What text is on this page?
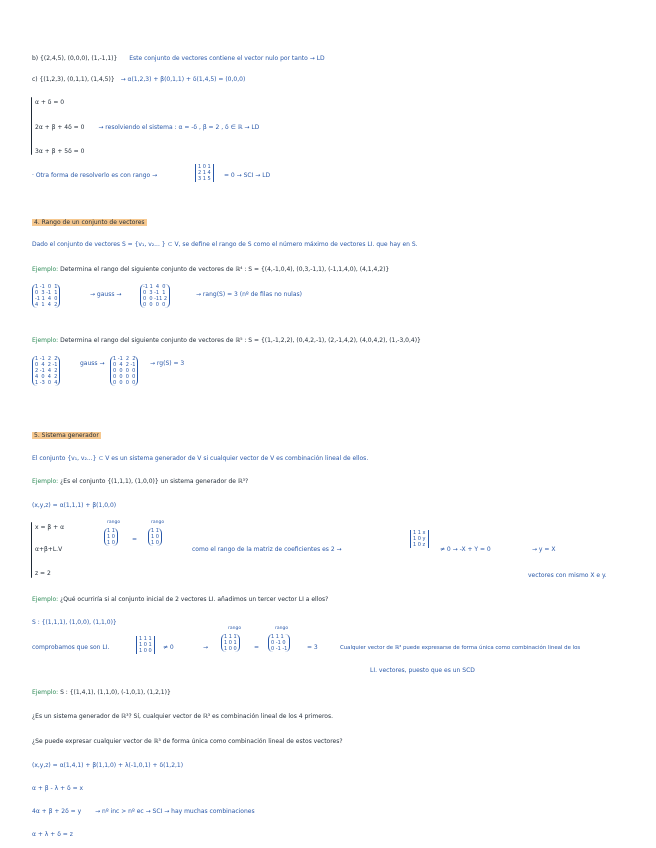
b) {(2,4,5), (0,0,0), (1,-1,1)} Este conjunto de vectores contiene el vector nulo por tanto → LD
c) {(1,2,3), (0,1,1), (1,4,5)} → α(1,2,3) + β(0,1,1) + δ(1,4,5) = (0,0,0)
α + δ = 0
2α + β + 4δ = 0 → resolviendo el sistema : α = -δ , β = 2 , δ ∈ ℝ → LD
3α + β + 5δ = 0
· Otra forma de resolverlo es con rango →
1 0 1
2 1 4
3 1 5	= 0 → SCI → LD
4. Rango de un conjunto de vectores
Dado el conjunto de vectores S = {v₁, v₂... } ⊂ V, se define el rango de S como el número máximo de vectores LI. que hay en S.
Ejemplo: Determina el rango del siguiente conjunto de vectores de ℝ⁴ : S = {(4,-1,0,4), (0,3,-1,1), (-1,1,4,0), (4,1,4,2)}
1 -1  0  1
0  3 -1  1
-1 1  4  0
4  1  4  2
→ gauss →
-1 1  4  0
0  3 -1  1
0  0 -11 2
0  0  0  0
→ rang(S) = 3 (nº de filas no nulas)
Ejemplo: Determina el rango del siguiente conjunto de vectores de ℝ⁵ : S = {(1,-1,2,2), (0,4,2,-1), (2,-1,4,2), (4,0,4,2), (1,-3,0,4)}
1 -1  2  2
0  4  2 -1
2 -1  4  2
4  0  4  2
1 -3  0  4
gauss →
1 -1  2  2
0  4  2 -1
0  0  0  0
0  0  0  0
0  0  0  0
→ rg(S) = 3
5. Sistema generador
El conjunto {v₁, v₂...} ⊂ V es un sistema generador de V si cualquier vector de V es combinación lineal de ellos.
Ejemplo: ¿Es el conjunto {(1,1,1), (1,0,0)} un sistema generador de ℝ³?
(x,y,z) = α(1,1,1) + β(1,0,0)
x = β + α
α+β+L.V
z = 2
rango
1 1
1 0
1 0	=
rango
1 1
1 0
1 0
como el rango de la matriz de coeficientes es 2 →
1 1 x
1 0 y
1 0 z
≠ 0 → -X + Y = 0	→ y = X
vectores con mismo X e y.
Ejemplo: ¿Qué ocurriría si al conjunto inicial de 2 vectores LI. añadimos un tercer vector LI a ellos?
S : {(1,1,1), (1,0,0), (1,1,0)}
comprobamos que son LI.
1 1 1
1 0 1
1 0 0	≠ 0
rango
→
1 1 1
1 0 1
1 0 0	=
rango
1 1 1
0 -1 0
0 -1 -1	= 3	Cualquier vector de ℝ³ puede expresarse de forma única como combinación lineal de los
LI. vectores, puesto que es un SCD
Ejemplo: S : {(1,4,1), (1,1,0), (-1,0,1), (1,2,1)}
¿Es un sistema generador de ℝ³? Sí, cualquier vector de ℝ³ es combinación lineal de los 4 primeros.
¿Se puede expresar cualquier vector de ℝ³ de forma única como combinación lineal de estos vectores?
(x,y,z) = α(1,4,1) + β(1,1,0) + λ(-1,0,1) + δ(1,2,1)
α + β - λ + δ = x
4α + β + 2δ = y → nº inc > nº ec → SCI → hay muchas combinaciones
α + λ + δ = z
